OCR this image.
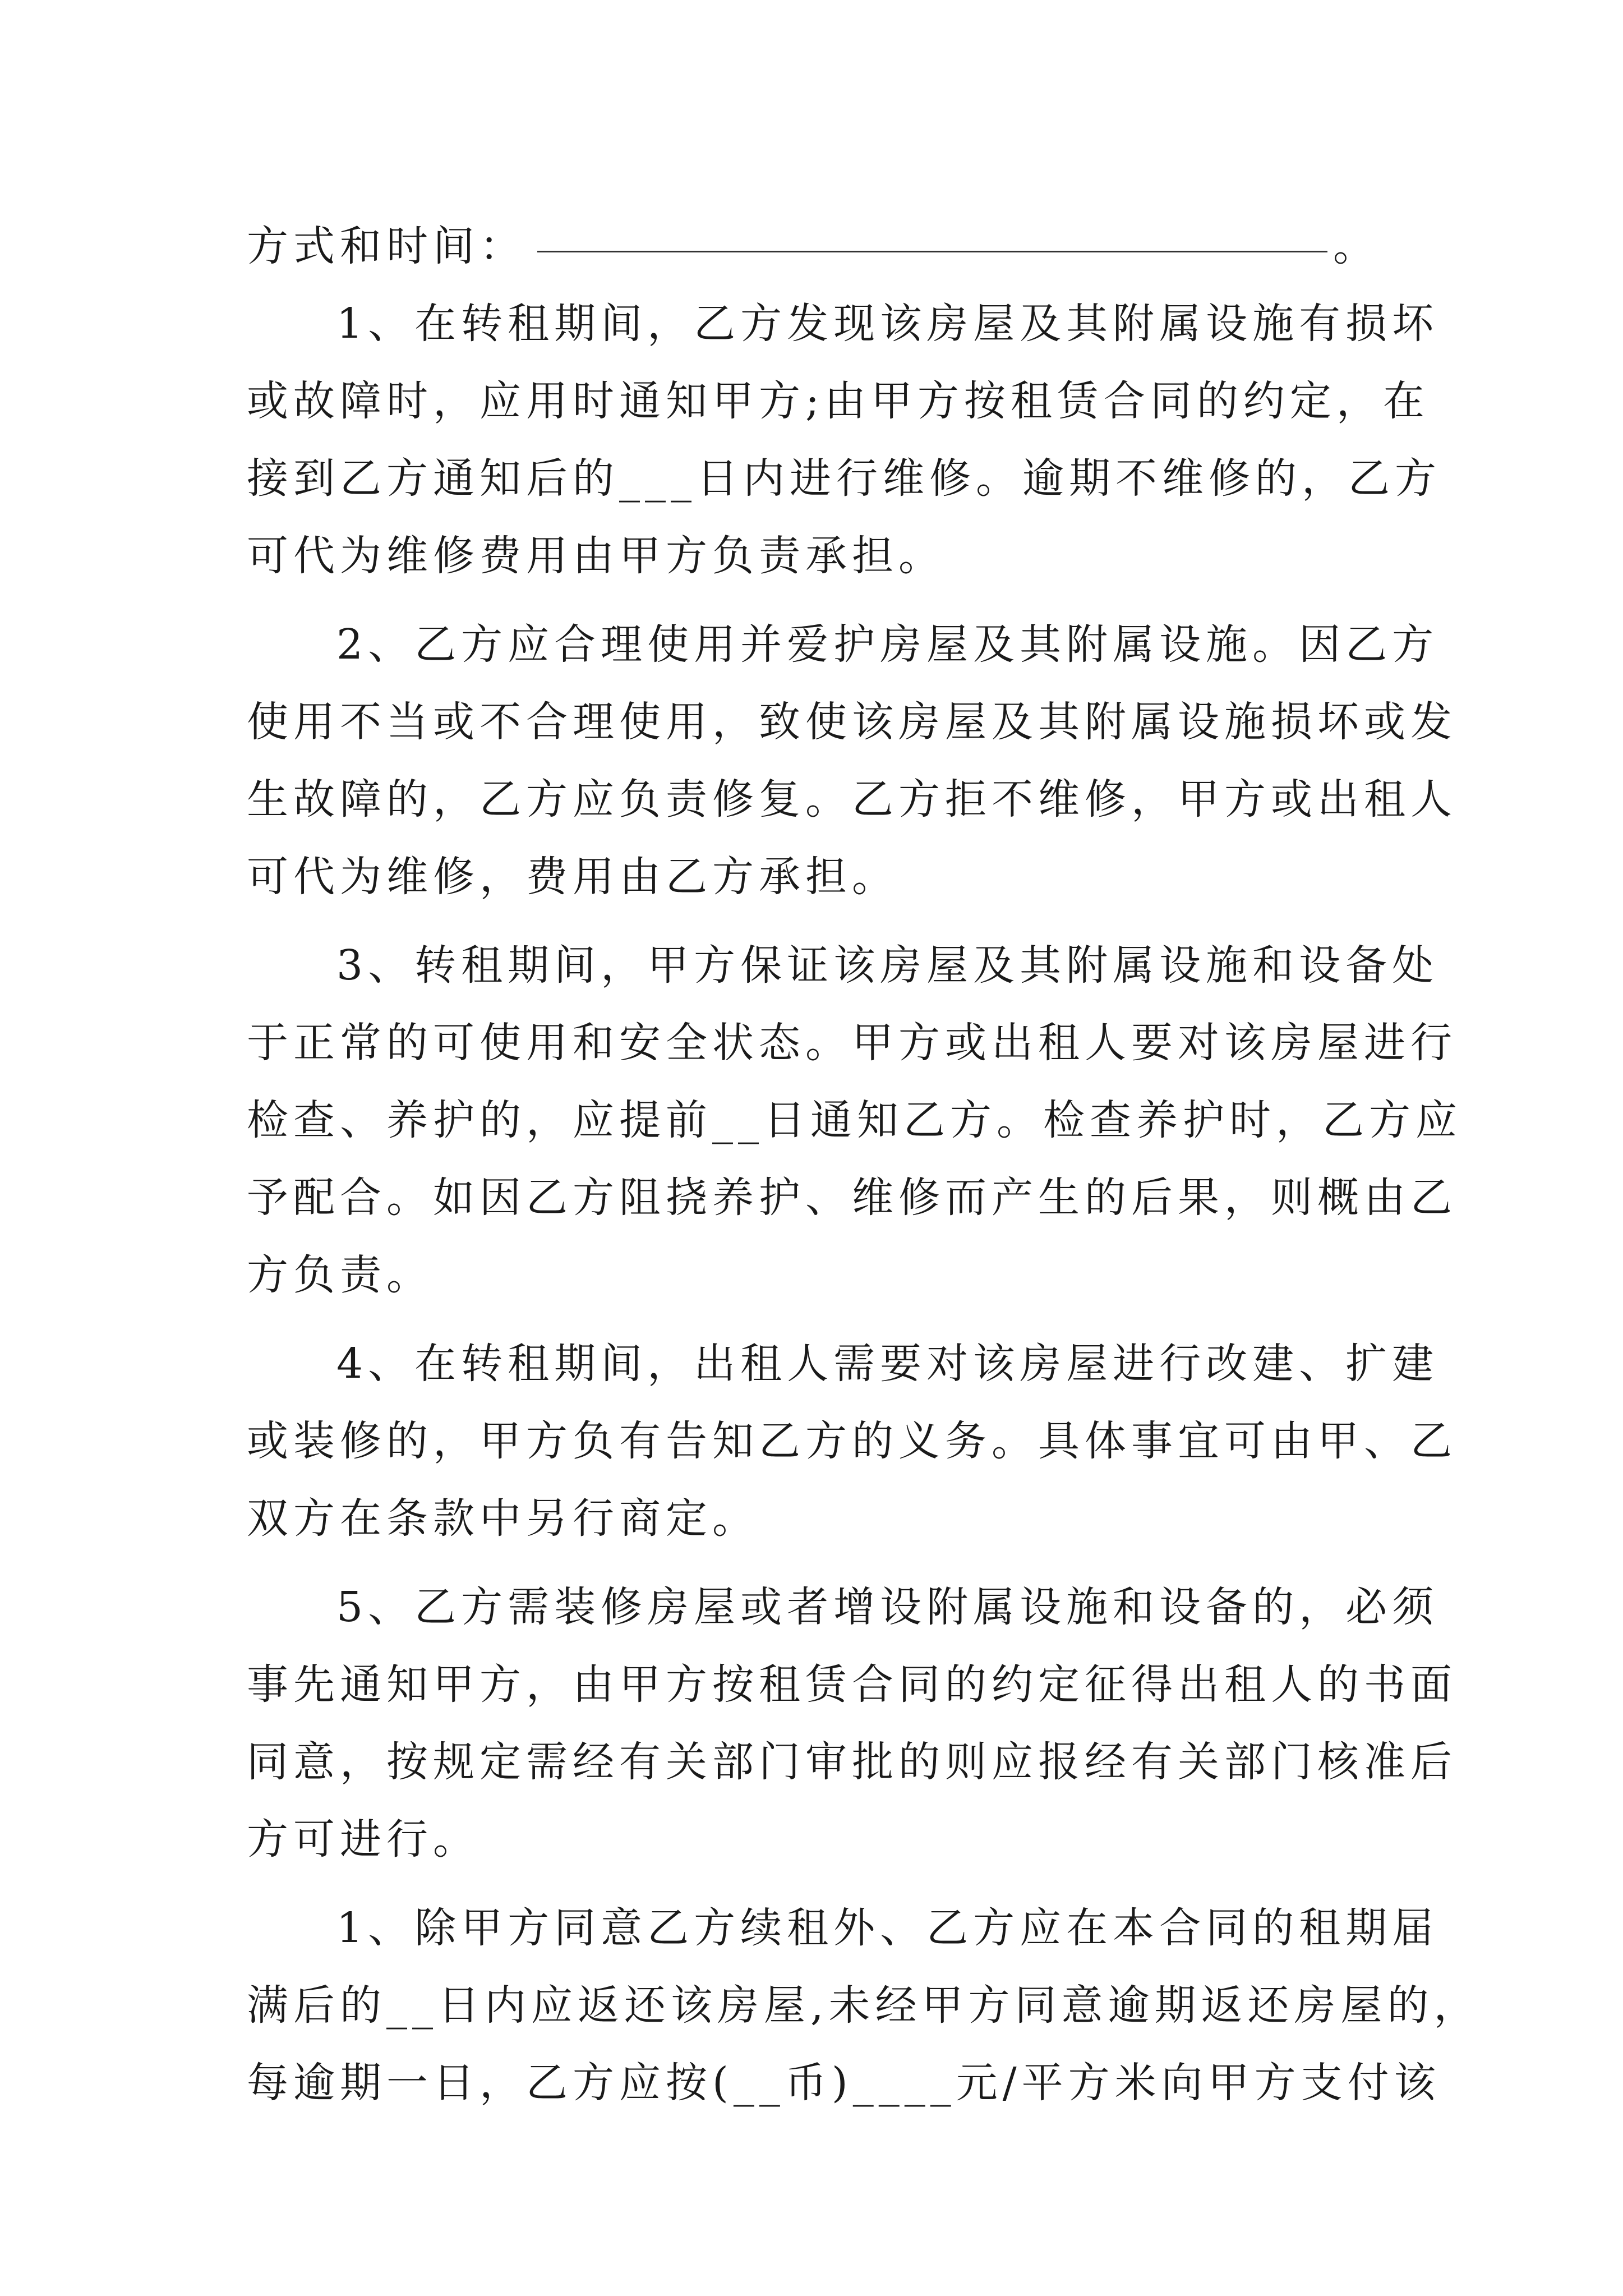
方式和时间：	。
1、在转租期间，乙方发现该房屋及其附属设施有损坏
或故障时，应用时通知甲方;由甲方按租赁合同的约定，在
接到乙方通知后的___日内进行维修。逾期不维修的，乙方
可代为维修费用由甲方负责承担。
2、乙方应合理使用并爱护房屋及其附属设施。因乙方
使用不当或不合理使用，致使该房屋及其附属设施损坏或发
生故障的，乙方应负责修复。乙方拒不维修，甲方或出租人
可代为维修，费用由乙方承担。
3、转租期间，甲方保证该房屋及其附属设施和设备处
于正常的可使用和安全状态。甲方或出租人要对该房屋进行
检查、养护的，应提前__日通知乙方。检查养护时，乙方应
予配合。如因乙方阻挠养护、维修而产生的后果，则概由乙
方负责。
4、在转租期间，出租人需要对该房屋进行改建、扩建
或装修的，甲方负有告知乙方的义务。具体事宜可由甲、乙
双方在条款中另行商定。
5、乙方需装修房屋或者增设附属设施和设备的，必须
事先通知甲方，由甲方按租赁合同的约定征得出租人的书面
同意，按规定需经有关部门审批的则应报经有关部门核准后
方可进行。
1、除甲方同意乙方续租外、乙方应在本合同的租期届
满后的__日内应返还该房屋,未经甲方同意逾期返还房屋的，
每逾期一日，乙方应按(__币)____元/平方米向甲方支付该
